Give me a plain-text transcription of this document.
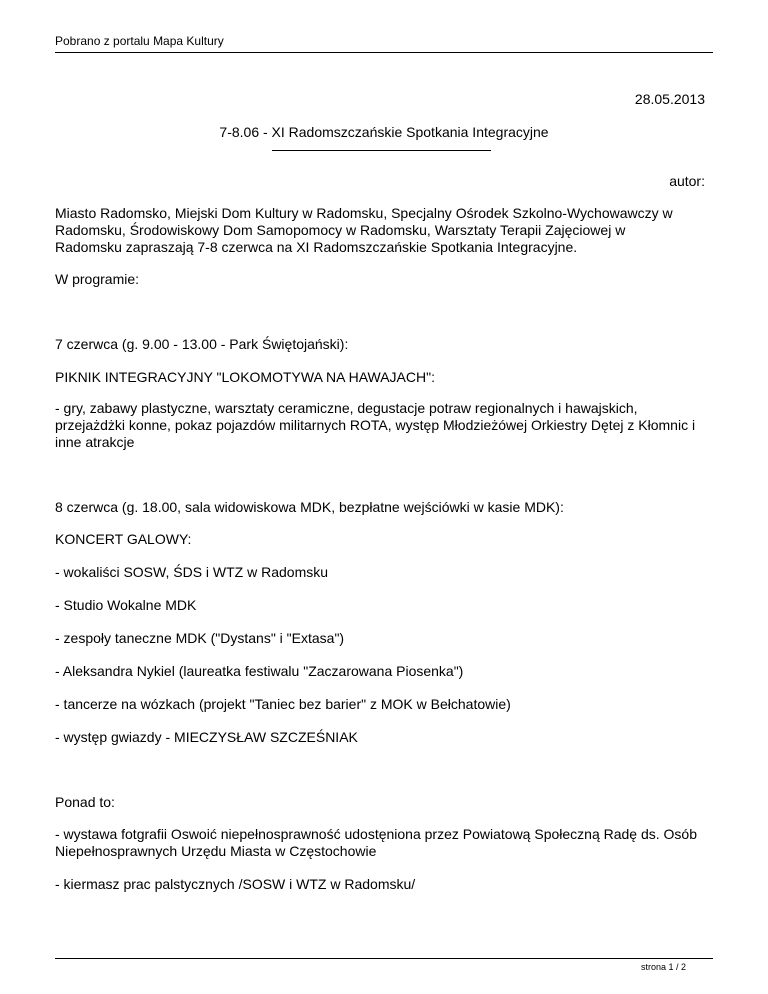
Pobrano z portalu Mapa Kultury
28.05.2013
7-8.06 - XI Radomszczańskie Spotkania Integracyjne
autor:
Miasto Radomsko, Miejski Dom Kultury w Radomsku, Specjalny Ośrodek Szkolno-Wychowawczy w
Radomsku, Środowiskowy Dom Samopomocy w Radomsku, Warsztaty Terapii Zajęciowej w
Radomsku zapraszają 7-8 czerwca na XI Radomszczańskie Spotkania Integracyjne.
W programie:
7 czerwca (g. 9.00 - 13.00 - Park Świętojański):
PIKNIK INTEGRACYJNY "LOKOMOTYWA NA HAWAJACH":
- gry, zabawy plastyczne, warsztaty ceramiczne, degustacje potraw regionalnych i hawajskich,
przejażdżki konne, pokaz pojazdów militarnych ROTA, występ Młodzieżówej Orkiestry Dętej z Kłomnic i
inne atrakcje
8 czerwca (g. 18.00, sala widowiskowa MDK, bezpłatne wejściówki w kasie MDK):
KONCERT GALOWY:
- wokaliści SOSW, ŚDS i WTZ w Radomsku
- Studio Wokalne MDK
- zespoły taneczne MDK ("Dystans" i "Extasa")
- Aleksandra Nykiel (laureatka festiwalu "Zaczarowana Piosenka")
- tancerze na wózkach (projekt "Taniec bez barier" z MOK w Bełchatowie)
- występ gwiazdy - MIECZYSŁAW SZCZEŚNIAK
Ponad to:
- wystawa fotgrafii Oswoić niepełnosprawność udostęniona przez Powiatową Społeczną Radę ds. Osób
Niepełnosprawnych Urzędu Miasta w Częstochowie
- kiermasz prac palstycznych /SOSW i WTZ w Radomsku/
strona 1 / 2
